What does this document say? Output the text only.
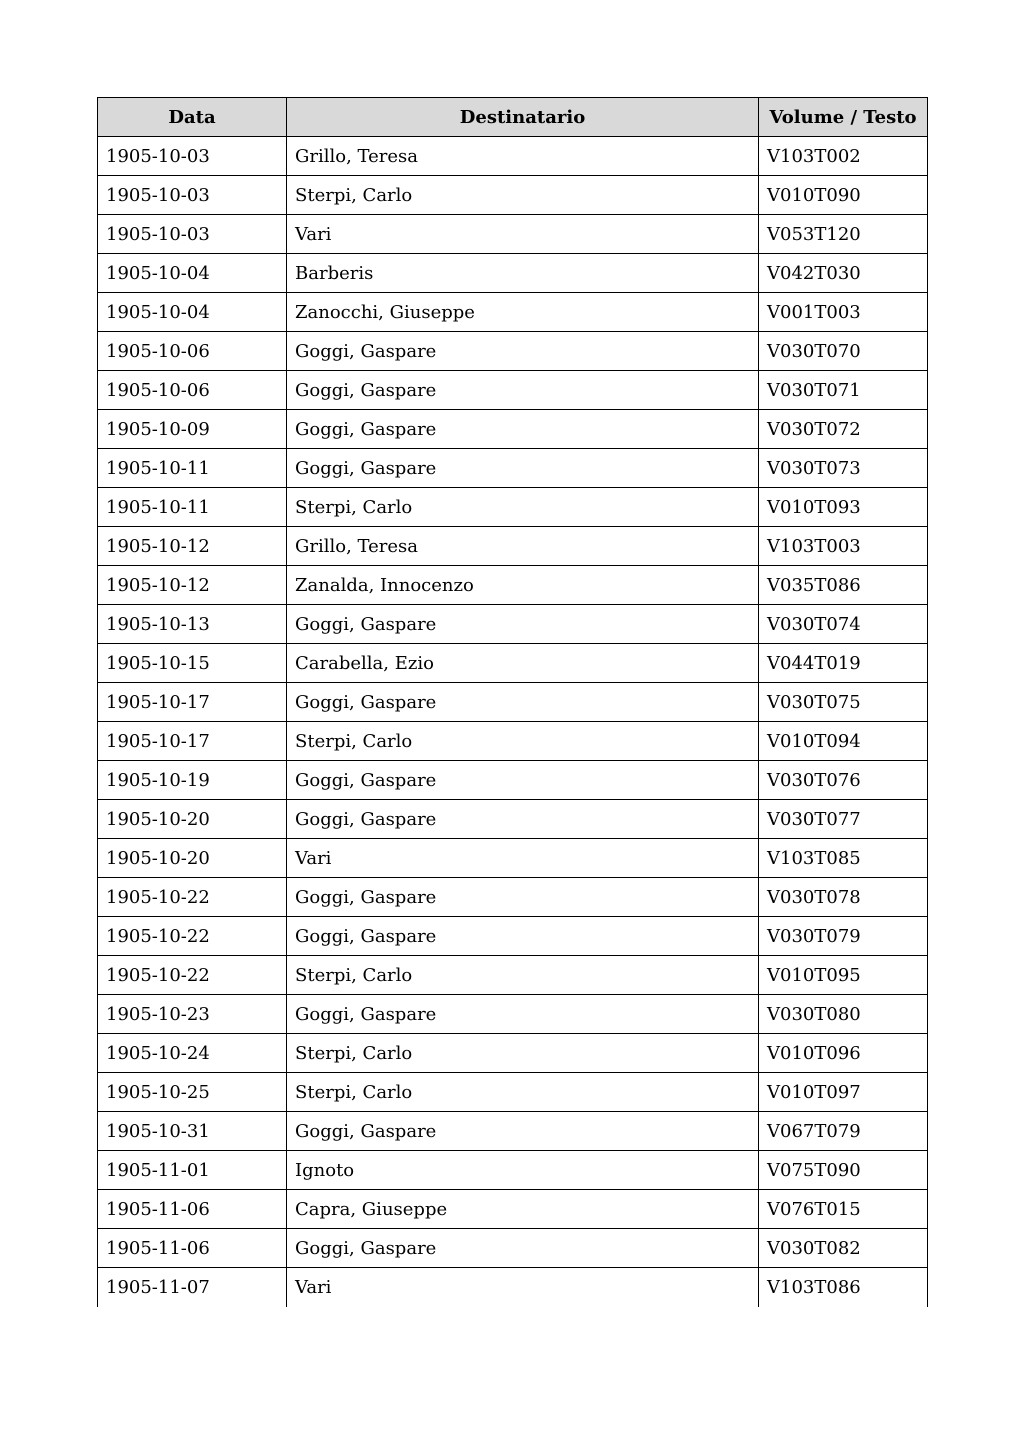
Data	Destinatario	Volume / Testo
1905-10-03	Grillo, Teresa	V103T002
1905-10-03	Sterpi, Carlo	V010T090
1905-10-03	Vari	V053T120
1905-10-04	Barberis	V042T030
1905-10-04	Zanocchi, Giuseppe	V001T003
1905-10-06	Goggi, Gaspare	V030T070
1905-10-06	Goggi, Gaspare	V030T071
1905-10-09	Goggi, Gaspare	V030T072
1905-10-11	Goggi, Gaspare	V030T073
1905-10-11	Sterpi, Carlo	V010T093
1905-10-12	Grillo, Teresa	V103T003
1905-10-12	Zanalda, Innocenzo	V035T086
1905-10-13	Goggi, Gaspare	V030T074
1905-10-15	Carabella, Ezio	V044T019
1905-10-17	Goggi, Gaspare	V030T075
1905-10-17	Sterpi, Carlo	V010T094
1905-10-19	Goggi, Gaspare	V030T076
1905-10-20	Goggi, Gaspare	V030T077
1905-10-20	Vari	V103T085
1905-10-22	Goggi, Gaspare	V030T078
1905-10-22	Goggi, Gaspare	V030T079
1905-10-22	Sterpi, Carlo	V010T095
1905-10-23	Goggi, Gaspare	V030T080
1905-10-24	Sterpi, Carlo	V010T096
1905-10-25	Sterpi, Carlo	V010T097
1905-10-31	Goggi, Gaspare	V067T079
1905-11-01	Ignoto	V075T090
1905-11-06	Capra, Giuseppe	V076T015
1905-11-06	Goggi, Gaspare	V030T082
1905-11-07	Vari	V103T086
